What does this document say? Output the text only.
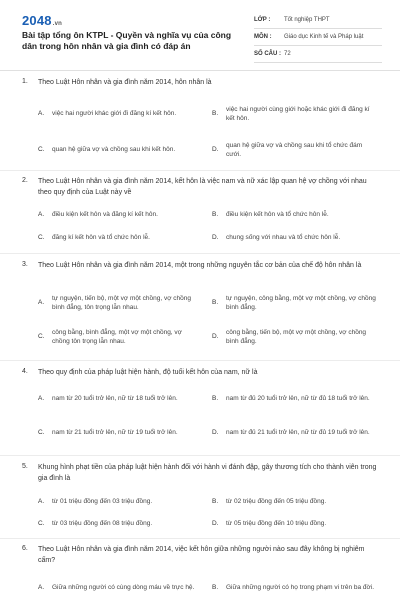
2048.vn
Bài tập tổng ôn KTPL - Quyền và nghĩa vụ của công dân trong hôn nhân và gia đình có đáp án
LỚP :	Tốt nghiệp THPT
MÔN :	Giáo dục Kinh tế và Pháp luật
SỐ CÂU : 72
1. Theo Luật Hôn nhân và gia đình năm 2014, hôn nhân là
A.	việc hai người khác giới đi đăng kí kết hôn.	B.
việc hai người cùng giới hoặc khác giới đi đăng kí kết hôn.
C.	quan hệ giữa vợ và chồng sau khi kết hôn.	D.
quan hệ giữa vợ và chồng sau khi tổ chức đám cưới.
2. Theo Luật Hôn nhân và gia đình năm 2014, kết hôn là việc nam và nữ xác lập quan hệ vợ chồng với nhau theo quy định của Luật này về
A.	điều kiện kết hôn và đăng kí kết hôn.	B.	điều kiện kết hôn và tổ chức hôn lễ.
C.	đăng kí kết hôn và tổ chức hôn lễ.	D.	chung sống với nhau và tổ chức hôn lễ.
3. Theo Luật Hôn nhân và gia đình năm 2014, một trong những nguyên tắc cơ bản của chế độ hôn nhân là
A.
tự nguyện, tiến bộ, một vợ một chồng, vợ chồng bình đẳng, tôn trọng lẫn nhau.
B.
tự nguyện, công bằng, một vợ một chồng, vợ chồng bình đẳng.
C.
công bằng, bình đẳng, một vợ một chồng, vợ chồng tôn trọng lẫn nhau.
D.
công bằng, tiến bộ, một vợ một chồng, vợ chồng bình đẳng.
4. Theo quy định của pháp luật hiện hành, độ tuổi kết hôn của nam, nữ là
A.	nam từ 20 tuổi trở lên, nữ từ 18 tuổi trở lên.	B.	nam từ đủ 20 tuổi trở lên, nữ từ đủ 18 tuổi trở lên.
C.	nam từ 21 tuổi trở lên, nữ từ 19 tuổi trở lên.	D.	nam từ đủ 21 tuổi trở lên, nữ từ đủ 19 tuổi trở lên.
5. Khung hình phạt tiền của pháp luật hiện hành đối với hành vi đánh đập, gây thương tích cho thành viên trong gia đình là
A.	từ 01 triệu đồng đến 03 triệu đồng.	B.	từ 02 triệu đồng đến 05 triệu đồng.
C.	từ 03 triệu đồng đến 08 triệu đồng.	D.	từ 05 triệu đồng đến 10 triệu đồng.
6. Theo Luật Hôn nhân và gia đình năm 2014, việc kết hôn giữa những người nào sau đây không bị nghiêm cấm?
A.	Giữa những người có cùng dòng máu về trực hệ.	B.	Giữa những người có họ trong phạm vi trên ba đời.
